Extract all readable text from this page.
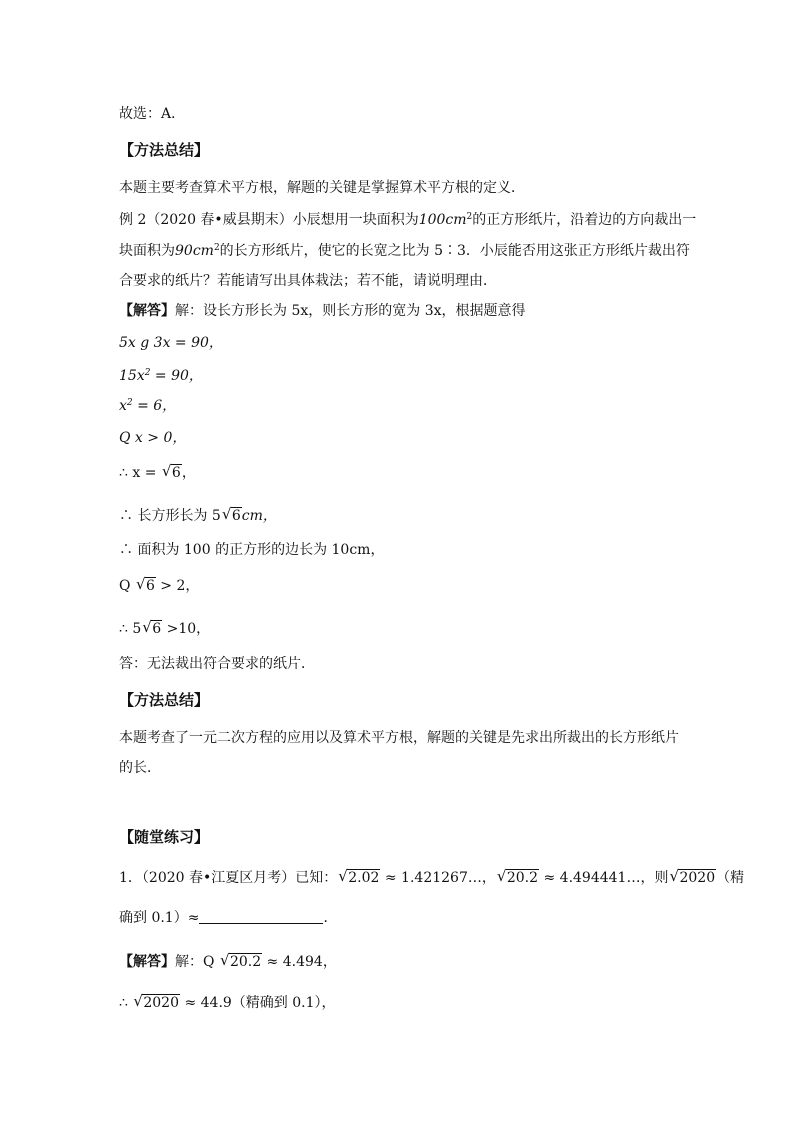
故选：A．
【方法总结】
本题主要考查算术平方根，解题的关键是掌握算术平方根的定义．
例 2（2020 春•威县期末）小辰想用一块面积为$100cm^2$的正方形纸片，沿着边的方向裁出一
块面积为$90cm^2$的长方形纸片，使它的长宽之比为 5∶3．小辰能否用这张正方形纸片裁出符
合要求的纸片？若能请写出具体栽法；若不能，请说明理由．
【解答】解：设长方形长为 5x，则长方形的宽为 3x，根据题意得
5x g 3x = 90，
$15x^2 = 90$，
$x^2 = 6$，
Q x > 0，
∴ x = √ 6，
∴ 长方形长为 5 √ 6cm，
∴ 面积为 100 的正方形的边长为 10cm，
Q √ 6 > 2，
∴ 5 √ 6 >10，
答：无法裁出符合要求的纸片．
【方法总结】
本题考查了一元二次方程的应用以及算术平方根，解题的关键是先求出所裁出的长方形纸片
的长．
【随堂练习】
1．（2020 春•江夏区月考）已知： √ 2.02 ≈ 1.421267…， √ 20.2 ≈ 4.494441…，则 √ 2020（精
确到 0.1）≈	．
【解答】解：Q √ 20.2 ≈ 4.494，
∴ √ 2020 ≈ 44.9（精确到 0.1），
